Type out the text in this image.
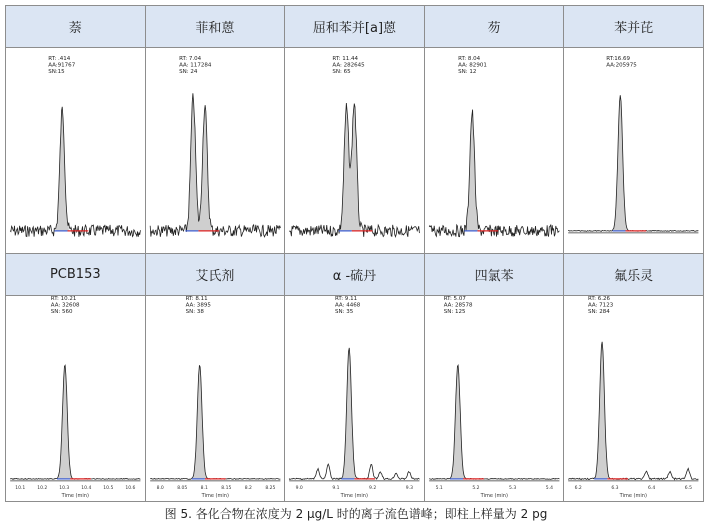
萘
RT: .414
AA:91767
SN:15
菲和蒽
RT: 7.04
AA: 117284
SN: 24
屈和苯并[a]蒽
RT: 11.44
AA: 282645
SN: 65
芴
RT: 8.04
AA: 82901
SN: 12
苯并芘
RT:16.69
AA:205975
PCB153
10.1	10.2	10.3	10.4	10.5	10.6
Time (min)
RT: 10.21
AA: 32608
SN: 560
艾氏剂
8.0	8.05	8.1	8.15	8.2	8.25
Time (min)
RT: 8.11
AA: 3895
SN: 38
α -硫丹
9.0	9.1	9.2	9.3
Time (min)
RT: 9.11
AA: 4468
SN: 35
四氯苯
5.1	5.2	5.3	5.4
Time (min)
RT: 5.07
AA: 28578
SN: 125
氟乐灵
6.2	6.3	6.4	6.5
Time (min)
RT: 6.26
AA: 7123
SN: 284
图 5. 各化合物在浓度为 2 μg/L 时的离子流色谱峰；即柱上样量为 2 pg
